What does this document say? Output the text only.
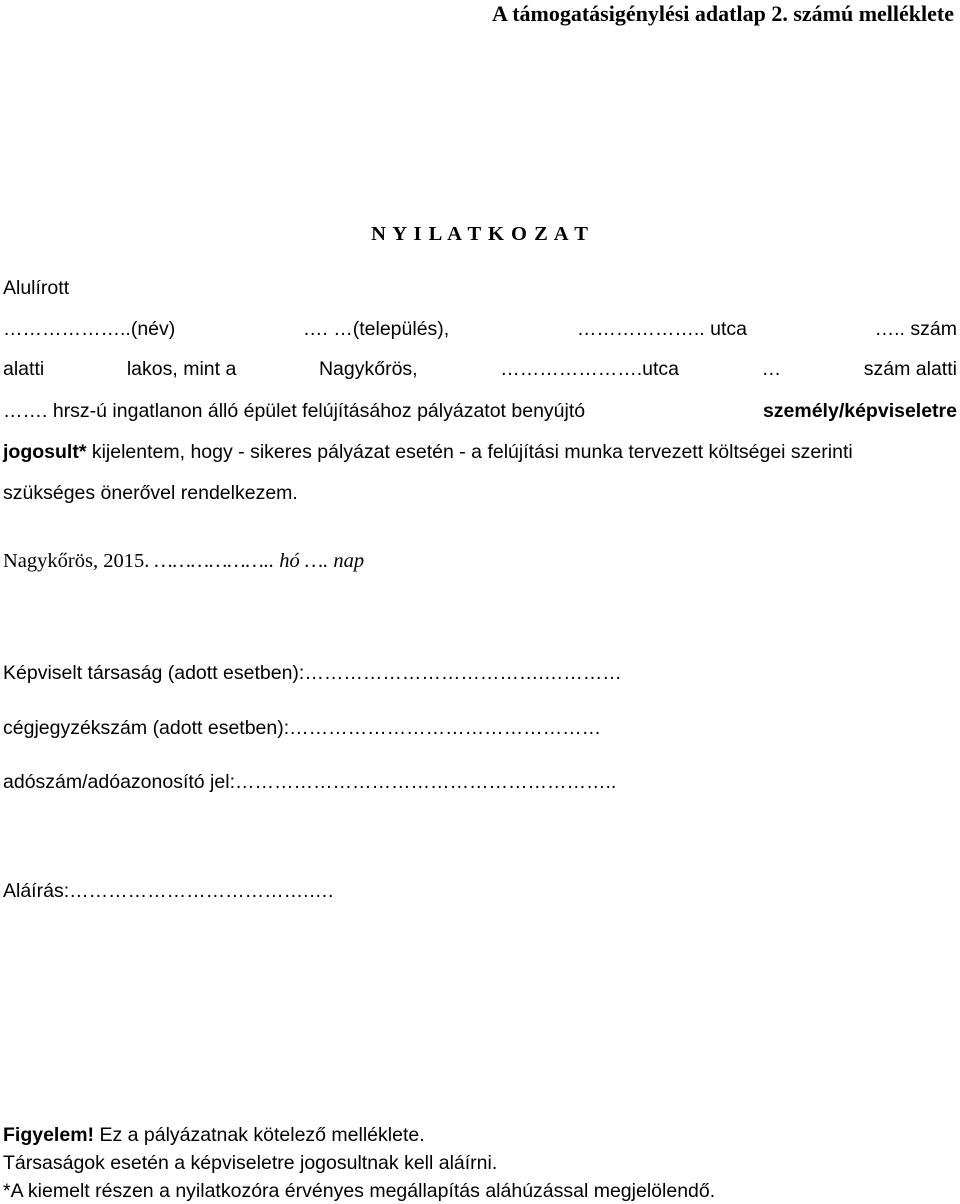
A támogatásigénylési adatlap 2. számú melléklete
N Y I L A T K O Z A T
Alulírott
………………..(név)	…. …(település),	……………….. utca	….. szám
alatti	lakos, mint a	Nagykőrös,	………………….utca	…	szám alatti
……. hrsz-ú ingatlanon álló épület felújításához pályázatot benyújtó	személy/képviseletre
jogosult* kijelentem, hogy - sikeres pályázat esetén - a felújítási munka tervezett költségei szerinti
szükséges önerővel rendelkezem.
Nagykőrös, 2015. ……………….. hó …. nap
Képviselt társaság (adott esetben):……………………………….…………
cégjegyzékszám (adott esetben):…………………………………………
adószám/adóazonosító jel:…………………………………………………..
Aláírás:……………………………….….
Figyelem! Ez a pályázatnak kötelező melléklete.
Társaságok esetén a képviseletre jogosultnak kell aláírni.
*A kiemelt részen a nyilatkozóra érvényes megállapítás aláhúzással megjelölendő.
